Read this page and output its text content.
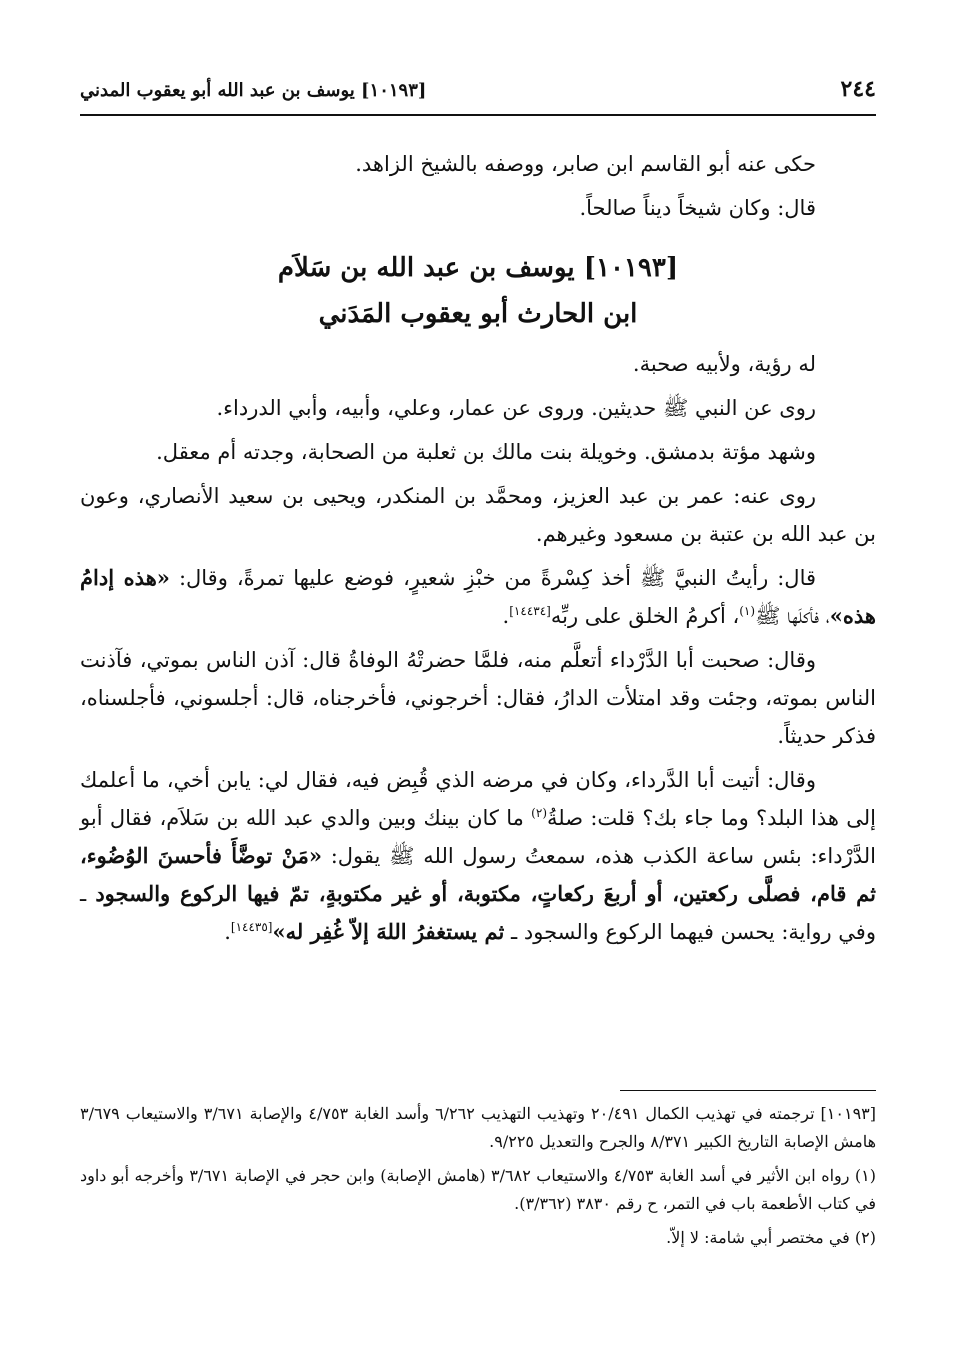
[١٠١٩٣] يوسف بن عبد الله أبو يعقوب المدني	٢٤٤

حكى عنه أبو القاسم ابن صابر، ووصفه بالشيخ الزاهد.

قال: وكان شيخاً ديناً صالحاً.

[١٠١٩٣] يوسف بن عبد الله بن سَلاَم
ابن الحارث أبو يعقوب المَدَني

له رؤية، ولأبيه صحبة.

روى عن النبي ﷺ حديثين. وروى عن عمار، وعلي، وأبيه، وأبي الدرداء.

وشهد مؤتة بدمشق. وخويلة بنت مالك بن ثعلبة من الصحابة، وجدته أم معقل.

روى عنه: عمر بن عبد العزيز، ومحمَّد بن المنكدر، ويحيى بن سعيد الأنصاري، وعون بن عبد الله بن عتبة بن مسعود وغيرهم.

قال: رأيتُ النبيَّ ﷺ أخذ كِسْرةً من خبْزِ شعيرٍ، فوضع عليها تمرةً، وقال: «هذه إدامُ هذه»، فأكلَها ﷺ$^{(١)}$، أكرمُ الخلق على ربِّه[١٤٤٣٤].

وقال: صحبت أبا الدَّرْداء أتعلَّم منه، فلمَّا حضرتْهُ الوفاةُ قال: آذن الناس بموتي، فآذنت الناس بموته، وجئت وقد امتلأت الدارُ، فقال: أخرجوني، فأخرجناه، قال: أجلسوني، فأجلسناه، فذكر حديثاً.

وقال: أتيت أبا الدَّرداء، وكان في مرضه الذي قُبِض فيه، فقال لي: يابن أخي، ما أعلمك إلى هذا البلد؟ وما جاء بك؟ قلت: صلةُ$^{(٢)}$ ما كان بينك وبين والدي عبد الله بن سَلاَم، فقال أبو الدَّرْداء: بئس ساعة الكذب هذه، سمعتُ رسول الله ﷺ يقول: «مَنْ توضَّأَ فأحسنَ الوُضُوء، ثم قام، فصلَّى ركعتين، أو أربعَ ركعاتٍ، مكتوبة، أو غير مكتوبةٍ، تمّ فيها الركوع والسجود ـ وفي رواية: يحسن فيهما الركوع والسجود ـ ثم يستغفرُ اللهَ إلاّ غُفِر له»[١٤٤٣٥].

[١٠١٩٣] ترجمته في تهذيب الكمال ٢٠/٤٩١ وتهذيب التهذيب ٦/٢٦٢ وأسد الغابة ٤/٧٥٣ والإصابة ٣/٦٧١ والاستيعاب ٣/٦٧٩ هامش الإصابة التاريخ الكبير ٨/٣٧١ والجرح والتعديل ٩/٢٢٥.

(١) رواه ابن الأثير في أسد الغابة ٤/٧٥٣ والاستيعاب ٣/٦٨٢ (هامش الإصابة) وابن حجر في الإصابة ٣/٦٧١ وأخرجه أبو داود في كتاب الأطعمة باب في التمر، ح رقم ٣٨٣٠ (٣/٣٦٢).

(٢) في مختصر أبي شامة: لا إلاّ.
